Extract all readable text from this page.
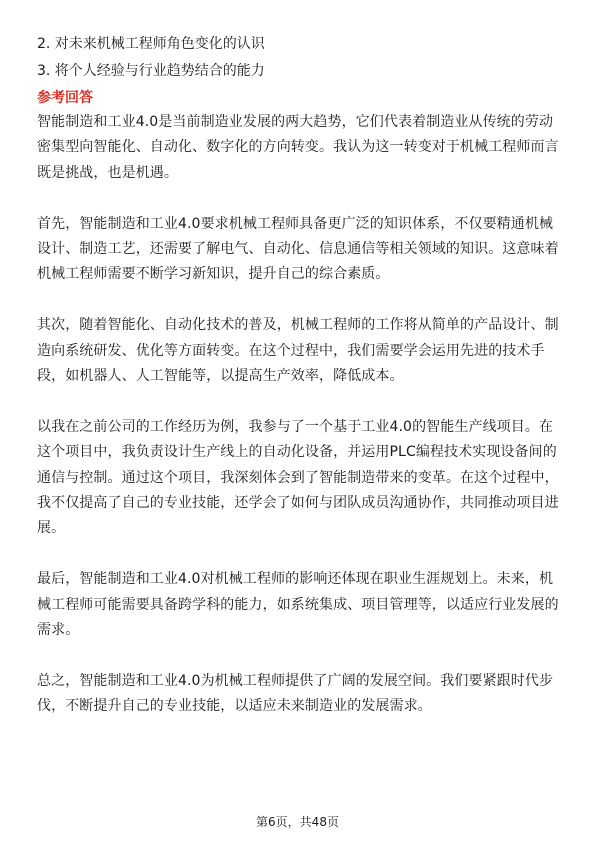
2. 对未来机械工程师角色变化的认识
3. 将个人经验与行业趋势结合的能力
参考回答

智能制造和工业4.0是当前制造业发展的两大趋势，它们代表着制造业从传统的劳动密集型向智能化、自动化、数字化的方向转变。我认为这一转变对于机械工程师而言既是挑战，也是机遇。

首先，智能制造和工业4.0要求机械工程师具备更广泛的知识体系，不仅要精通机械设计、制造工艺，还需要了解电气、自动化、信息通信等相关领域的知识。这意味着机械工程师需要不断学习新知识，提升自己的综合素质。

其次，随着智能化、自动化技术的普及，机械工程师的工作将从简单的产品设计、制造向系统研发、优化等方面转变。在这个过程中，我们需要学会运用先进的技术手段，如机器人、人工智能等，以提高生产效率，降低成本。

以我在之前公司的工作经历为例，我参与了一个基于工业4.0的智能生产线项目。在这个项目中，我负责设计生产线上的自动化设备，并运用PLC编程技术实现设备间的通信与控制。通过这个项目，我深刻体会到了智能制造带来的变革。在这个过程中，我不仅提高了自己的专业技能，还学会了如何与团队成员沟通协作，共同推动项目进展。

最后，智能制造和工业4.0对机械工程师的影响还体现在职业生涯规划上。未来，机械工程师可能需要具备跨学科的能力，如系统集成、项目管理等，以适应行业发展的需求。

总之，智能制造和工业4.0为机械工程师提供了广阔的发展空间。我们要紧跟时代步伐，不断提升自己的专业技能，以适应未来制造业的发展需求。

第6页，共48页
